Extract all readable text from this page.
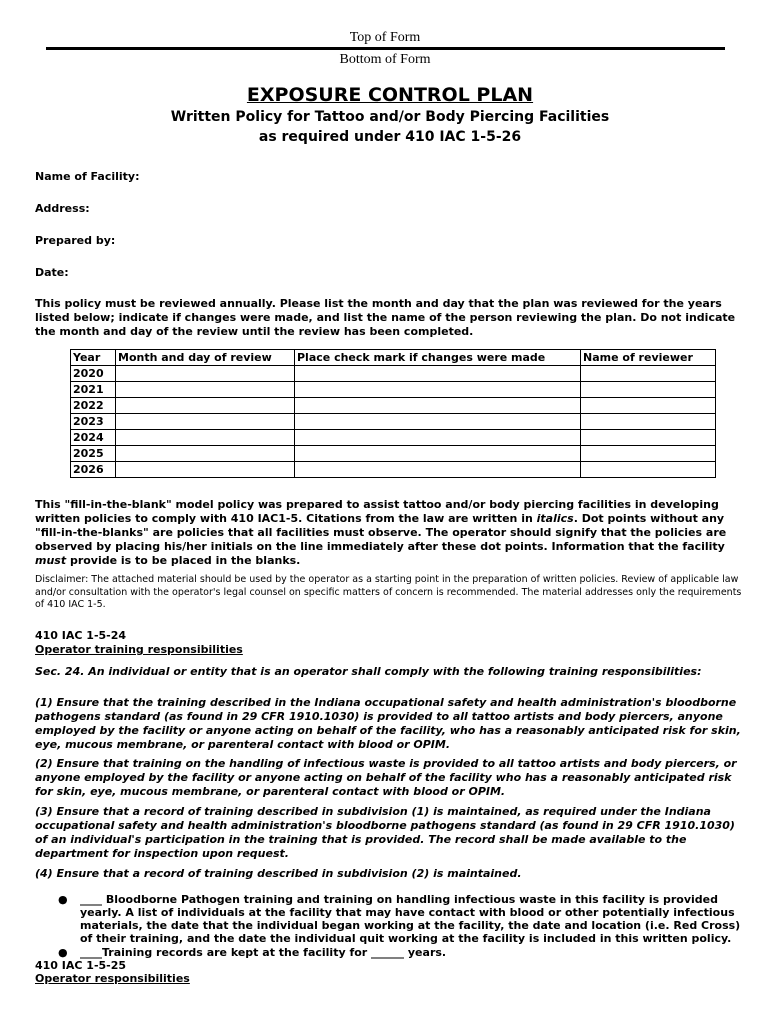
Top of Form
Bottom of Form
EXPOSURE CONTROL PLAN
Written Policy for Tattoo and/or Body Piercing Facilities
as required under 410 IAC 1-5-26
Name of Facility:
Address:
Prepared by:
Date:
This policy must be reviewed annually. Please list the month and day that the plan was reviewed for the years listed below; indicate if changes were made, and list the name of the person reviewing the plan. Do not indicate the month and day of the review until the review has been completed.
Year	Month and day of review	Place check mark if changes were made	Name of reviewer
2020			
2021			
2022			
2023			
2024			
2025			
2026			
This "fill-in-the-blank" model policy was prepared to assist tattoo and/or body piercing facilities in developing written policies to comply with 410 IAC1-5. Citations from the law are written in italics. Dot points without any "fill-in-the-blanks" are policies that all facilities must observe. The operator should signify that the policies are observed by placing his/her initials on the line immediately after these dot points. Information that the facility must provide is to be placed in the blanks.
Disclaimer: The attached material should be used by the operator as a starting point in the preparation of written policies. Review of applicable law and/or consultation with the operator's legal counsel on specific matters of concern is recommended. The material addresses only the requirements of 410 IAC 1-5.
410 IAC 1-5-24
Operator training responsibilities
Sec. 24. An individual or entity that is an operator shall comply with the following training responsibilities:
(1) Ensure that the training described in the Indiana occupational safety and health administration's bloodborne pathogens standard (as found in 29 CFR 1910.1030) is provided to all tattoo artists and body piercers, anyone employed by the facility or anyone acting on behalf of the facility, who has a reasonably anticipated risk for skin, eye, mucous membrane, or parenteral contact with blood or OPIM.
(2) Ensure that training on the handling of infectious waste is provided to all tattoo artists and body piercers, or anyone employed by the facility or anyone acting on behalf of the facility who has a reasonably anticipated risk for skin, eye, mucous membrane, or parenteral contact with blood or OPIM.
(3) Ensure that a record of training described in subdivision (1) is maintained, as required under the Indiana occupational safety and health administration's bloodborne pathogens standard (as found in 29 CFR 1910.1030) of an individual's participation in the training that is provided. The record shall be made available to the department for inspection upon request.
(4) Ensure that a record of training described in subdivision (2) is maintained.
● ____ Bloodborne Pathogen training and training on handling infectious waste in this facility is provided yearly. A list of individuals at the facility that may have contact with blood or other potentially infectious materials, the date that the individual began working at the facility, the date and location (i.e. Red Cross) of their training, and the date the individual quit working at the facility is included in this written policy.
● ____Training records are kept at the facility for ______ years.
410 IAC 1-5-25
Operator responsibilities
